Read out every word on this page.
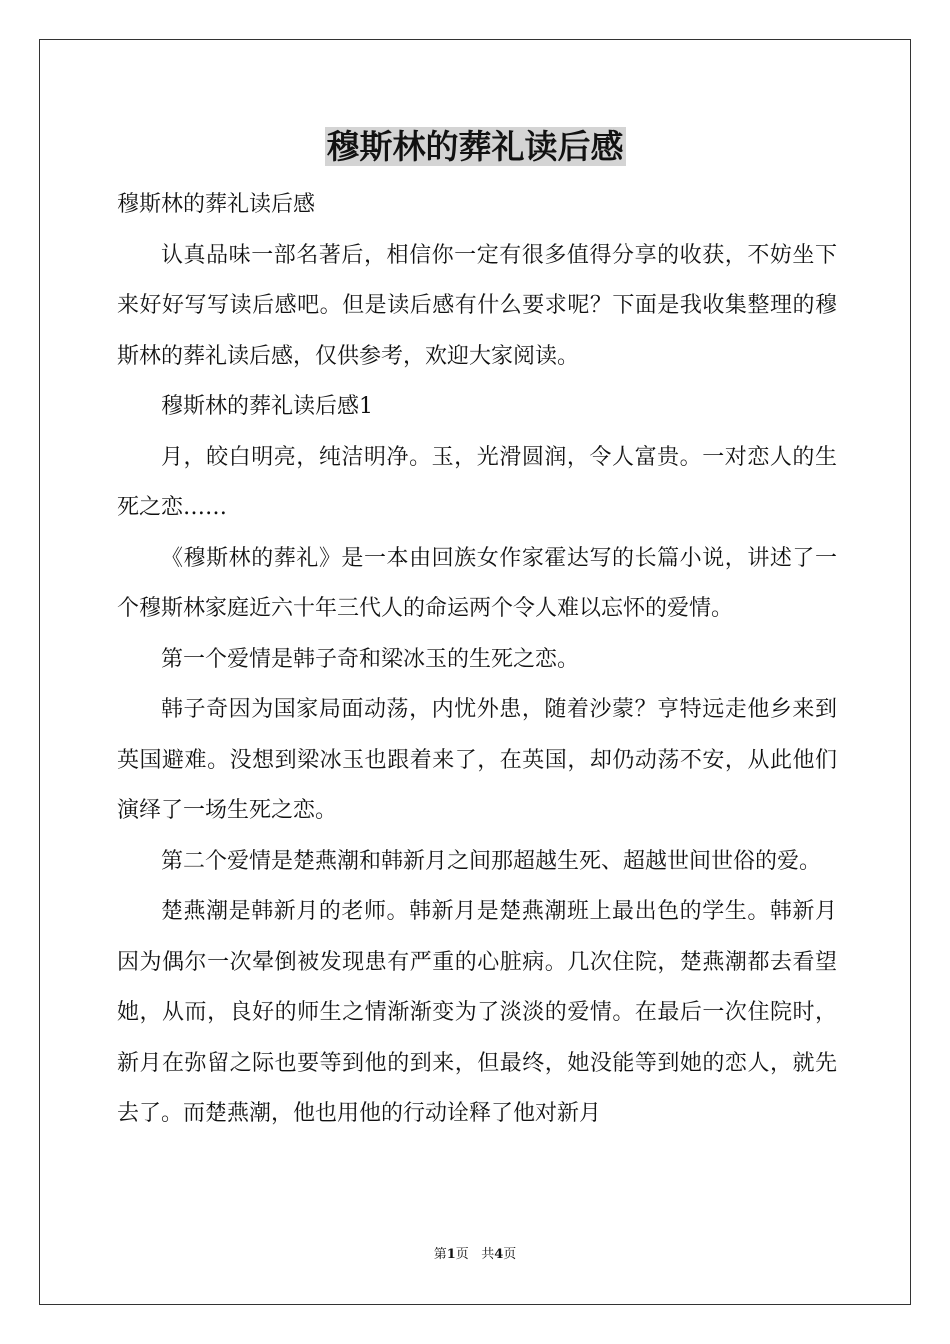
穆斯林的葬礼读后感

穆斯林的葬礼读后感

认真品味一部名著后，相信你一定有很多值得分享的收获，不妨坐下来好好写写读后感吧。但是读后感有什么要求呢？下面是我收集整理的穆斯林的葬礼读后感，仅供参考，欢迎大家阅读。

穆斯林的葬礼读后感1

月，皎白明亮，纯洁明净。玉，光滑圆润，令人富贵。一对恋人的生死之恋……

《穆斯林的葬礼》是一本由回族女作家霍达写的长篇小说，讲述了一个穆斯林家庭近六十年三代人的命运两个令人难以忘怀的爱情。

第一个爱情是韩子奇和梁冰玉的生死之恋。

韩子奇因为国家局面动荡，内忧外患，随着沙蒙？亨特远走他乡来到英国避难。没想到梁冰玉也跟着来了，在英国，却仍动荡不安，从此他们演绎了一场生死之恋。

第二个爱情是楚燕潮和韩新月之间那超越生死、超越世间世俗的爱。

楚燕潮是韩新月的老师。韩新月是楚燕潮班上最出色的学生。韩新月因为偶尔一次晕倒被发现患有严重的心脏病。几次住院，楚燕潮都去看望她，从而，良好的师生之情渐渐变为了淡淡的爱情。在最后一次住院时，新月在弥留之际也要等到他的到来，但最终，她没能等到她的恋人，就先去了。而楚燕潮，他也用他的行动诠释了他对新月

第1页 共4页
